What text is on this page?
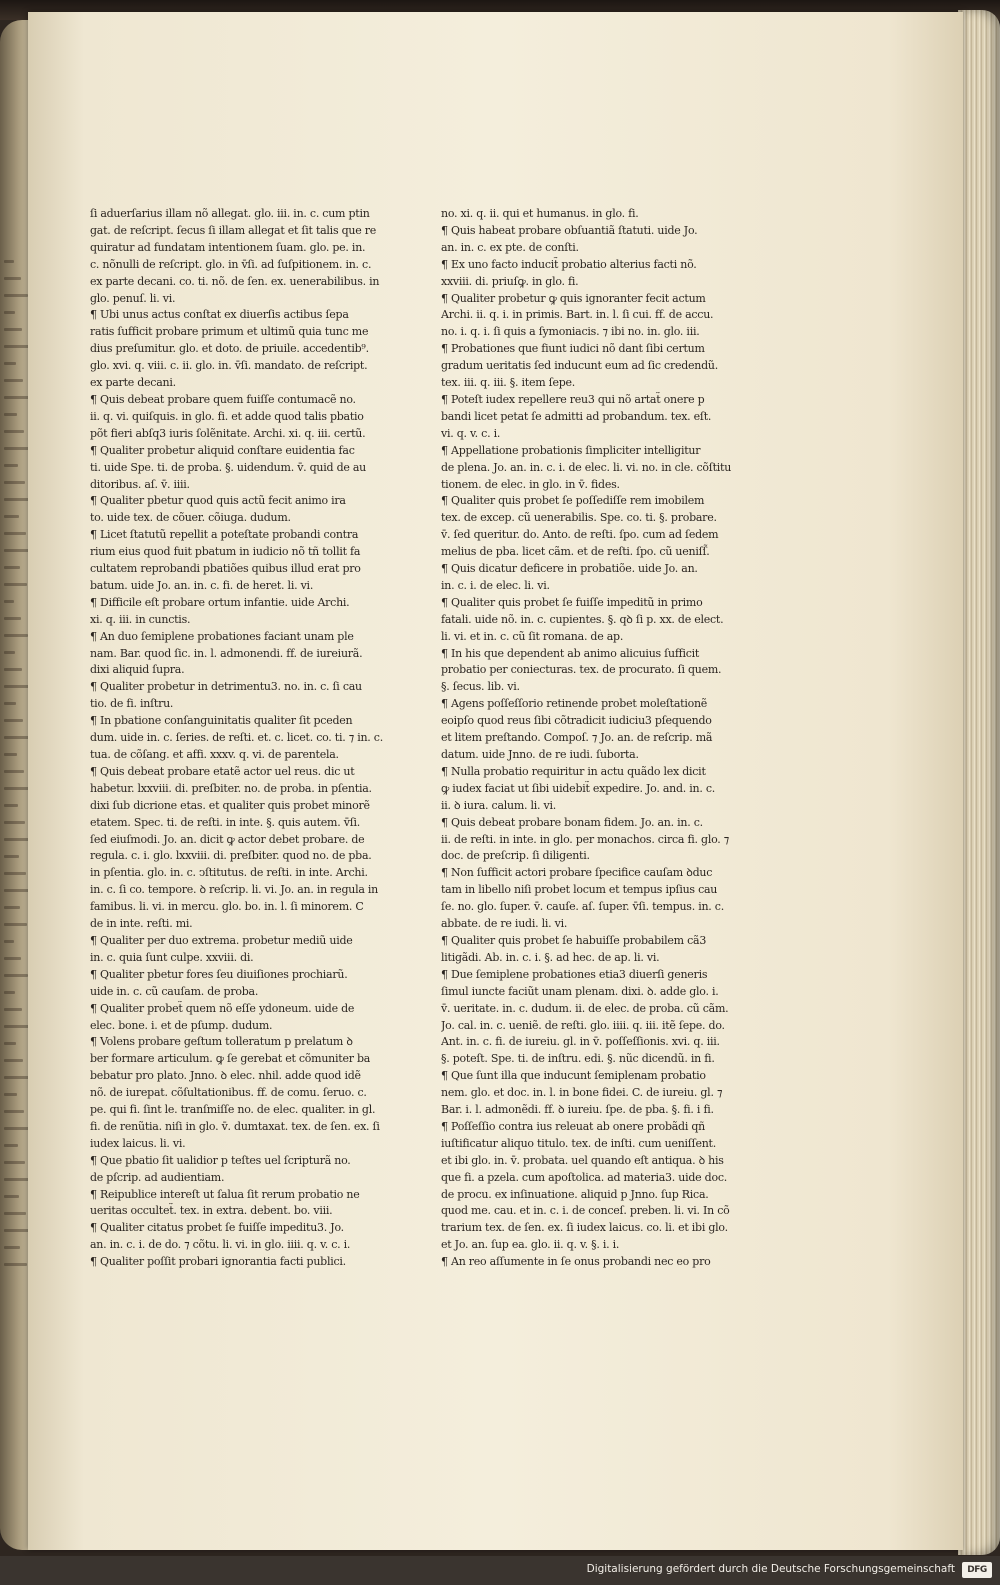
ſi aduerſarius illam nõ allegat. glo. iii. in. c. cum ptin
gat. de reſcript. ſecus ſi illam allegat et ſit talis que re
quiratur ad fundatam intentionem ſuam. glo. pe. in.
c. nõnulli de reſcript. glo. in v̄ſi. ad ſuſpitionem. in. c.
ex parte decani. co. ti. nõ. de ſen. ex. uenerabilibus. in
glo. penuſ. li. vi.
¶ Ubi unus actus conſtat ex diuerſis actibus ſepa
ratis ſufficit probare primum et ultimũ quia tunc me
dius preſumitur. glo. et doto. de priuile. accedentib⁹.
glo. xvi. q. viii. c. ii. glo. in. v̄ſi. mandato. de reſcript.
ex parte decani.
¶ Quis debeat probare quem fuiſſe contumacẽ no.
ii. q. vi. quiſquis. in glo. fi. et adde quod talis pbatio
põt fieri abſq3 iuris ſolẽnitate. Archi. xi. q. iii. certũ.
¶ Qualiter probetur aliquid conſtare euidentia fac
ti. uide Spe. ti. de proba. §. uidendum. v̄. quid de au
ditoribus. aſ. v̄. iiii.
¶ Qualiter pbetur quod quis actũ fecit animo ira
to. uide tex. de cõuer. cõiuga. dudum.
¶ Licet ſtatutũ repellit a poteſtate probandi contra
rium eius quod fuit pbatum in iudicio nõ tñ tollit fa
cultatem reprobandi pbatiões quibus illud erat pro
batum. uide Jo. an. in. c. fi. de heret. li. vi.
¶ Difficile eſt probare ortum infantie. uide Archi.
xi. q. iii. in cunctis.
¶ An duo ſemiplene probationes faciant unam ple
nam. Bar. quod ſic. in. l. admonendi. ff. de iureiurã.
dixi aliquid ſupra.
¶ Qualiter probetur in detrimentu3. no. in. c. ſi cau
tio. de fi. inſtru.
¶ In pbatione conſanguinitatis qualiter ſit pceden
dum. uide in. c. ſeries. de reſti. et. c. licet. co. ti. ⁊ in. c.
tua. de cõſang. et affi. xxxv. q. vi. de parentela.
¶ Quis debeat probare etatẽ actor uel reus. dic ut
habetur. lxxviii. di. preſbiter. no. de proba. in pſentia.
dixi ſub dicrione etas. et qualiter quis probet minorẽ
etatem. Spec. ti. de reſti. in inte. §. quis autem. v̄ſi.
ſed eiuſmodi. Jo. an. dicit ꝙ actor debet probare. de
regula. c. i. glo. lxxviii. di. preſbiter. quod no. de pba.
in pſentia. glo. in. c. ↄſtitutus. de reſti. in inte. Archi.
in. c. ſi co. tempore. ꝺ reſcrip. li. vi. Jo. an. in regula in
famibus. li. vi. in mercu. glo. bo. in. l. ſi minorem. C
de in inte. reſti. mi.
¶ Qualiter per duo extrema. probetur mediũ uide
in. c. quia ſunt culpe. xxviii. di.
¶ Qualiter pbetur fores ſeu diuiſiones prochiarũ.
uide in. c. cũ cauſam. de proba.
¶ Qualiter probet̃ quem nõ eſſe ydoneum. uide de
elec. bone. i. et de pſump. dudum.
¶ Volens probare geſtum tolleratum p prelatum ꝺ
ber formare articulum. ꝙ ſe gerebat et cõmuniter ba
bebatur pro plato. Jnno. ꝺ elec. nhil. adde quod idẽ
nõ. de iurepat. cõſultationibus. ff. de comu. ſeruo. c.
pe. qui fi. ſint le. tranſmiſſe no. de elec. qualiter. in gl.
fi. de renũtia. niſi in glo. v̄. dumtaxat. tex. de ſen. ex. ſi
iudex laicus. li. vi.
¶ Que pbatio ſit ualidior p teſtes uel ſcripturã no.
de pſcrip. ad audientiam.
¶ Reipublice intereſt ut ſalua ſit rerum probatio ne
ueritas occultet̃. tex. in extra. debent. bo. viii.
¶ Qualiter citatus probet ſe fuiſſe impeditu3. Jo.
an. in. c. i. de do. ⁊ cõtu. li. vi. in glo. iiii. q. v. c. i.
¶ Qualiter poſſit probari ignorantia facti publici.
no. xi. q. ii. qui et humanus. in glo. fi.
¶ Quis habeat probare obſuantiã ſtatuti. uide Jo.
an. in. c. ex pte. de conſti.
¶ Ex uno facto inducit̃ probatio alterius facti nõ.
xxviii. di. priuſꝙ. in glo. fi.
¶ Qualiter probetur ꝙ quis ignoranter fecit actum
Archi. ii. q. i. in primis. Bart. in. l. ſi cui. ff. de accu.
no. i. q. i. ſi quis a ſymoniacis. ⁊ ibi no. in. glo. iii.
¶ Probationes que fiunt iudici nõ dant ſibi certum
gradum ueritatis ſed inducunt eum ad ſic credendũ.
tex. iii. q. iii. §. item ſepe.
¶ Poteſt iudex repellere reu3 qui nõ artat̃ onere p
bandi licet petat ſe admitti ad probandum. tex. eſt.
vi. q. v. c. i.
¶ Appellatione probationis ſimpliciter intelligitur
de plena. Jo. an. in. c. i. de elec. li. vi. no. in cle. cõſtitu
tionem. de elec. in glo. in v̄. fides.
¶ Qualiter quis probet ſe poſſediſſe rem imobilem
tex. de excep. cũ uenerabilis. Spe. co. ti. §. probare.
v̄. ſed queritur. do. Anto. de reſti. ſpo. cum ad ſedem
melius de pba. licet cãm. et de reſti. ſpo. cũ ueniſſ̃.
¶ Quis dicatur deficere in probatiõe. uide Jo. an.
in. c. i. de elec. li. vi.
¶ Qualiter quis probet ſe fuiſſe impeditũ in primo
fatali. uide nõ. in. c. cupientes. §. qꝺ ſi p. xx. de elect.
li. vi. et in. c. cũ ſit romana. de ap.
¶ In his que dependent ab animo alicuius ſufficit
probatio per coniecturas. tex. de procurato. ſi quem.
§. ſecus. lib. vi.
¶ Agens poſſeſſorio retinende probet moleſtationẽ
eoipſo quod reus ſibi cõtradicit iudiciu3 pſequendo
et litem preſtando. Compoſ. ⁊ Jo. an. de reſcrip. mã
datum. uide Jnno. de re iudi. ſuborta.
¶ Nulla probatio requiritur in actu quãdo lex dicit
ꝙ iudex faciat ut ſibi uidebit̃ expedire. Jo. and. in. c.
ii. ꝺ iura. calum. li. vi.
¶ Quis debeat probare bonam fidem. Jo. an. in. c.
ii. de reſti. in inte. in glo. per monachos. circa fi. glo. ⁊
doc. de preſcrip. ſi diligenti.
¶ Non ſufficit actori probare ſpecifice cauſam ꝺduc
tam in libello niſi probet locum et tempus ipſius cau
ſe. no. glo. ſuper. v̄. cauſe. aſ. ſuper. v̄ſi. tempus. in. c.
abbate. de re iudi. li. vi.
¶ Qualiter quis probet ſe habuiſſe probabilem cã3
litigãdi. Ab. in. c. i. §. ad hec. de ap. li. vi.
¶ Due ſemiplene probationes etia3 diuerſi generis
ſimul iuncte faciũt unam plenam. dixi. ꝺ. adde glo. i.
v̄. ueritate. in. c. dudum. ii. de elec. de proba. cũ cãm.
Jo. cal. in. c. ueniẽ. de reſti. glo. iiii. q. iii. itẽ ſepe. do.
Ant. in. c. fi. de iureiu. gl. in v̄. poſſeſſionis. xvi. q. iii.
§. poteſt. Spe. ti. de inſtru. edi. §. nũc dicendũ. in fi.
¶ Que ſunt illa que inducunt ſemiplenam probatio
nem. glo. et doc. in. l. in bone fidei. C. de iureiu. gl. ⁊
Bar. i. l. admonẽdi. ff. ꝺ iureiu. ſpe. de pba. §. fi. i fi.
¶ Poſſeſſio contra ius releuat ab onere probãdi qñ
iuſtificatur aliquo titulo. tex. de inſti. cum ueniſſent.
et ibi glo. in. v̄. probata. uel quando eſt antiqua. ꝺ his
que fi. a pzela. cum apoſtolica. ad materia3. uide doc.
de procu. ex inſinuatione. aliquid p Jnno. ſup Rica.
quod me. cau. et in. c. i. de conceſ. preben. li. vi. In cõ
trarium tex. de ſen. ex. ſi iudex laicus. co. li. et ibi glo.
et Jo. an. ſup ea. glo. ii. q. v. §. i. i.
¶ An reo aſſumente in ſe onus probandi nec eo pro
Digitalisierung gefördert durch die Deutsche Forschungsgemeinschaft	DFG
